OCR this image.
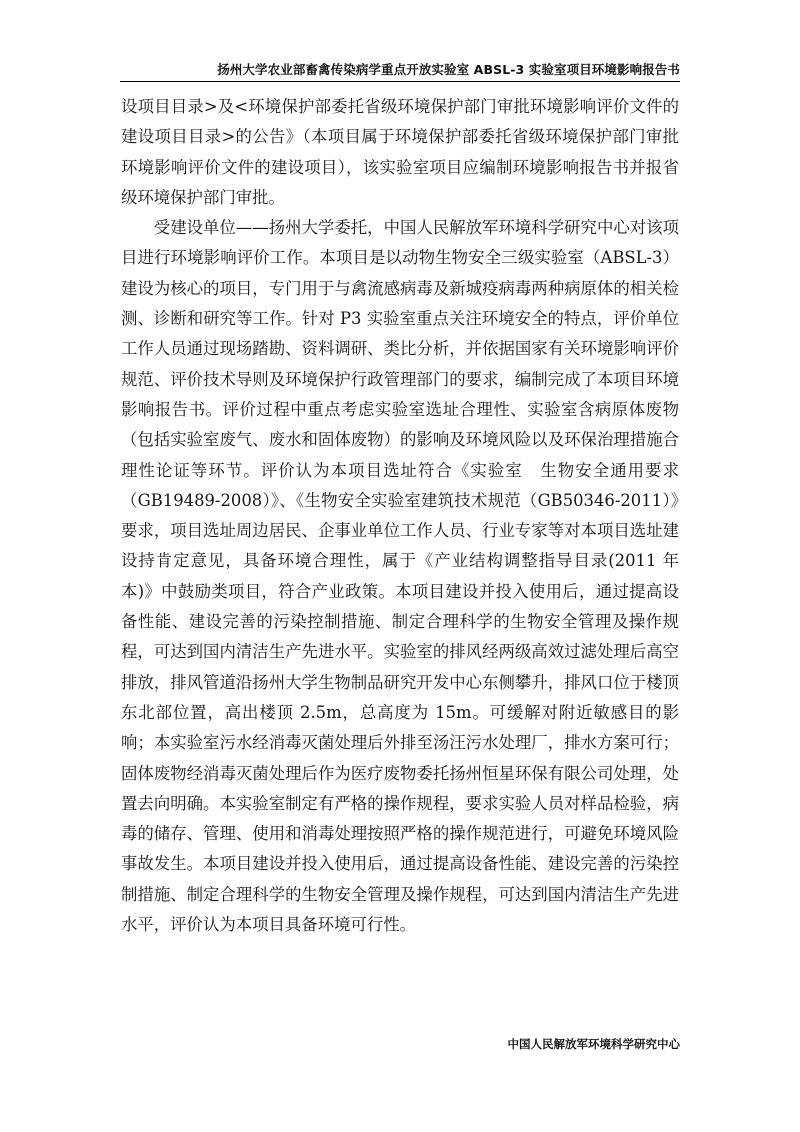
扬州大学农业部畜禽传染病学重点开放实验室 ABSL-3 实验室项目环境影响报告书

设项目目录>及<环境保护部委托省级环境保护部门审批环境影响评价文件的建设项目目录>的公告》（本项目属于环境保护部委托省级环境保护部门审批环境影响评价文件的建设项目），该实验室项目应编制环境影响报告书并报省级环境保护部门审批。

受建设单位——扬州大学委托，中国人民解放军环境科学研究中心对该项目进行环境影响评价工作。本项目是以动物生物安全三级实验室（ABSL-3）建设为核心的项目，专门用于与禽流感病毒及新城疫病毒两种病原体的相关检测、诊断和研究等工作。针对 P3 实验室重点关注环境安全的特点，评价单位工作人员通过现场踏勘、资料调研、类比分析，并依据国家有关环境影响评价规范、评价技术导则及环境保护行政管理部门的要求，编制完成了本项目环境影响报告书。评价过程中重点考虑实验室选址合理性、实验室含病原体废物（包括实验室废气、废水和固体废物）的影响及环境风险以及环保治理措施合理性论证等环节。评价认为本项目选址符合《实验室　生物安全通用要求（GB19489-2008）》、《生物安全实验室建筑技术规范（GB50346-2011）》要求，项目选址周边居民、企事业单位工作人员、行业专家等对本项目选址建设持肯定意见，具备环境合理性，属于《产业结构调整指导目录(2011 年本)》中鼓励类项目，符合产业政策。本项目建设并投入使用后，通过提高设备性能、建设完善的污染控制措施、制定合理科学的生物安全管理及操作规程，可达到国内清洁生产先进水平。实验室的排风经两级高效过滤处理后高空排放，排风管道沿扬州大学生物制品研究开发中心东侧攀升，排风口位于楼顶东北部位置，高出楼顶 2.5m，总高度为 15m。可缓解对附近敏感目的影响；本实验室污水经消毒灭菌处理后外排至汤汪污水处理厂，排水方案可行；固体废物经消毒灭菌处理后作为医疗废物委托扬州恒星环保有限公司处理，处置去向明确。本实验室制定有严格的操作规程，要求实验人员对样品检验，病毒的储存、管理、使用和消毒处理按照严格的操作规范进行，可避免环境风险事故发生。本项目建设并投入使用后，通过提高设备性能、建设完善的污染控制措施、制定合理科学的生物安全管理及操作规程，可达到国内清洁生产先进水平，评价认为本项目具备环境可行性。

中国人民解放军环境科学研究中心
